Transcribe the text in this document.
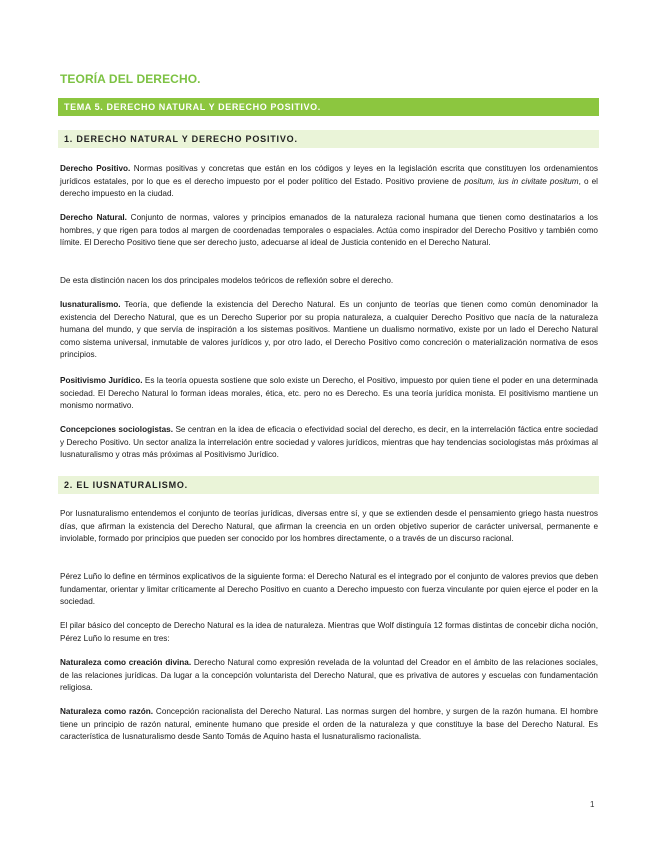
TEORÍA DEL DERECHO.
TEMA 5. DERECHO NATURAL Y DERECHO POSITIVO.
1. DERECHO NATURAL Y DERECHO POSITIVO.

Derecho Positivo. Normas positivas y concretas que están en los códigos y leyes en la legislación escrita que constituyen los ordenamientos jurídicos estatales, por lo que es el derecho impuesto por el poder político del Estado. Positivo proviene de positum, ius in civitate positum, o el derecho impuesto en la ciudad.

Derecho Natural. Conjunto de normas, valores y principios emanados de la naturaleza racional humana que tienen como destinatarios a los hombres, y que rigen para todos al margen de coordenadas temporales o espaciales. Actúa como inspirador del Derecho Positivo y también como límite. El Derecho Positivo tiene que ser derecho justo, adecuarse al ideal de Justicia contenido en el Derecho Natural.

De esta distinción nacen los dos principales modelos teóricos de reflexión sobre el derecho.

Iusnaturalismo. Teoría, que defiende la existencia del Derecho Natural. Es un conjunto de teorías que tienen como común denominador la existencia del Derecho Natural, que es un Derecho Superior por su propia naturaleza, a cualquier Derecho Positivo que nacía de la naturaleza humana del mundo, y que servía de inspiración a los sistemas positivos. Mantiene un dualismo normativo, existe por un lado el Derecho Natural como sistema universal, inmutable de valores jurídicos y, por otro lado, el Derecho Positivo como concreción o materialización normativa de esos principios.

Positivismo Jurídico. Es la teoría opuesta sostiene que solo existe un Derecho, el Positivo, impuesto por quien tiene el poder en una determinada sociedad. El Derecho Natural lo forman ideas morales, ética, etc. pero no es Derecho. Es una teoría jurídica monista. El positivismo mantiene un monismo normativo.

Concepciones sociologistas. Se centran en la idea de eficacia o efectividad social del derecho, es decir, en la interrelación fáctica entre sociedad y Derecho Positivo. Un sector analiza la interrelación entre sociedad y valores jurídicos, mientras que hay tendencias sociologistas más próximas al Iusnaturalismo y otras más próximas al Positivismo Jurídico.

2. EL IUSNATURALISMO.

Por Iusnaturalismo entendemos el conjunto de teorías jurídicas, diversas entre sí, y que se extienden desde el pensamiento griego hasta nuestros días, que afirman la existencia del Derecho Natural, que afirman la creencia en un orden objetivo superior de carácter universal, permanente e inviolable, formado por principios que pueden ser conocido por los hombres directamente, o a través de un discurso racional.

Pérez Luño lo define en términos explicativos de la siguiente forma: el Derecho Natural es el integrado por el conjunto de valores previos que deben fundamentar, orientar y limitar críticamente al Derecho Positivo en cuanto a Derecho impuesto con fuerza vinculante por quien ejerce el poder en la sociedad.

El pilar básico del concepto de Derecho Natural es la idea de naturaleza. Mientras que Wolf distinguía 12 formas distintas de concebir dicha noción, Pérez Luño lo resume en tres:

Naturaleza como creación divina. Derecho Natural como expresión revelada de la voluntad del Creador en el ámbito de las relaciones sociales, de las relaciones jurídicas. Da lugar a la concepción voluntarista del Derecho Natural, que es privativa de autores y escuelas con fundamentación religiosa.

Naturaleza como razón. Concepción racionalista del Derecho Natural. Las normas surgen del hombre, y surgen de la razón humana. El hombre tiene un principio de razón natural, eminente humano que preside el orden de la naturaleza y que constituye la base del Derecho Natural. Es característica de Iusnaturalismo desde Santo Tomás de Aquino hasta el Iusnaturalismo racionalista.

1
